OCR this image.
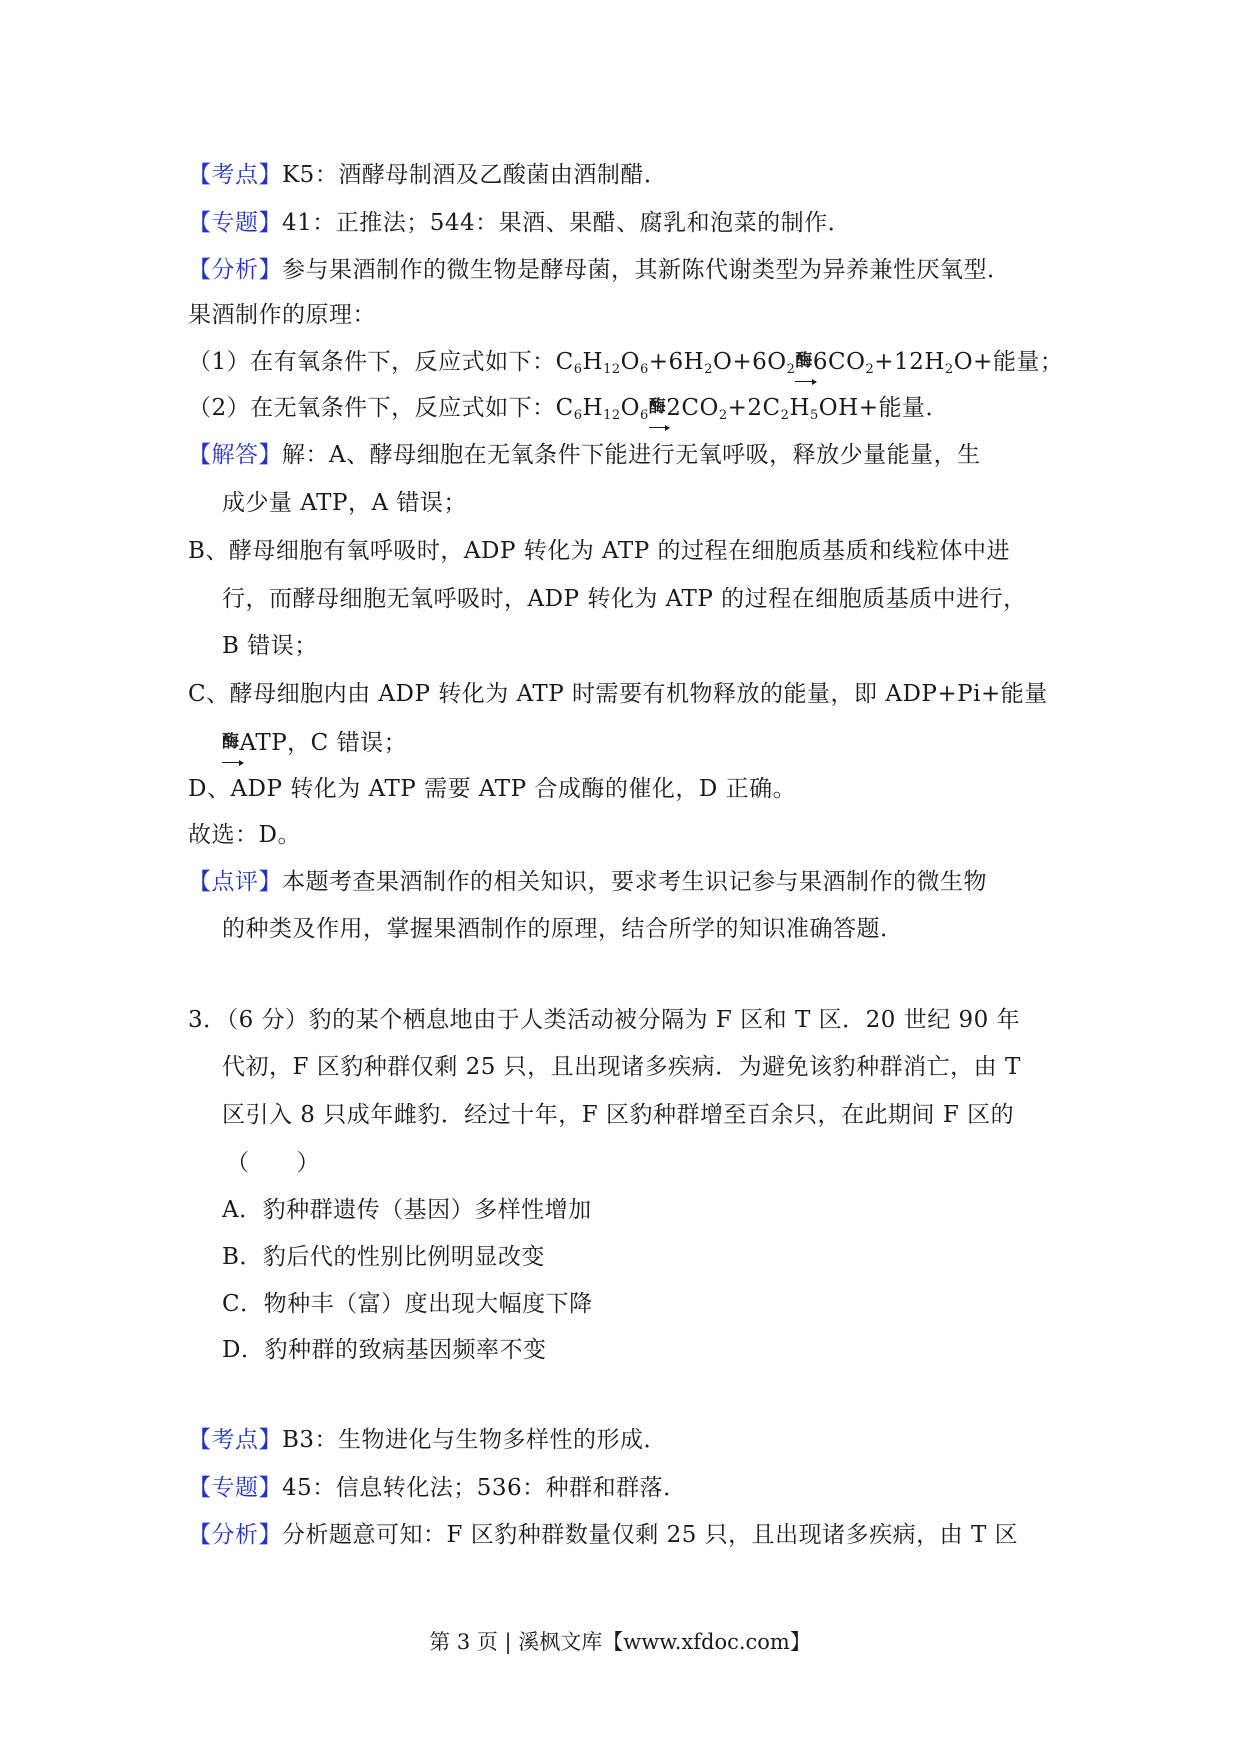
【考点】K5：酒酵母制酒及乙酸菌由酒制醋．
【专题】41：正推法；544：果酒、果醋、腐乳和泡菜的制作．
【分析】参与果酒制作的微生物是酵母菌，其新陈代谢类型为异养兼性厌氧型．
果酒制作的原理：
（1）在有氧条件下，反应式如下：$C_6H_{12}O_6+6H_2O+6O_2$酶$6CO_2+12H_2O+$能量；
（2）在无氧条件下，反应式如下：$C_6H_{12}O_6$酶$2CO_2+2C_2H_5OH+$能量．
【解答】解：A、酵母细胞在无氧条件下能进行无氧呼吸，释放少量能量，生
成少量 ATP，A 错误；
B、酵母细胞有氧呼吸时，ADP 转化为 ATP 的过程在细胞质基质和线粒体中进
行，而酵母细胞无氧呼吸时，ADP 转化为 ATP 的过程在细胞质基质中进行，
B 错误；
C、酵母细胞内由 ADP 转化为 ATP 时需要有机物释放的能量，即 ADP+Pi+能量
酶ATP，C 错误；
D、ADP 转化为 ATP 需要 ATP 合成酶的催化，D 正确。
故选：D。
【点评】本题考查果酒制作的相关知识，要求考生识记参与果酒制作的微生物
的种类及作用，掌握果酒制作的原理，结合所学的知识准确答题．
3．（6 分）豹的某个栖息地由于人类活动被分隔为 F 区和 T 区．20 世纪 90 年
代初，F 区豹种群仅剩 25 只，且出现诸多疾病．为避免该豹种群消亡，由 T
区引入 8 只成年雌豹．经过十年，F 区豹种群增至百余只，在此期间 F 区的
（　　）
A．豹种群遗传（基因）多样性增加
B．豹后代的性别比例明显改变
C．物种丰（富）度出现大幅度下降
D．豹种群的致病基因频率不变
【考点】B3：生物进化与生物多样性的形成．
【专题】45：信息转化法；536：种群和群落．
【分析】分析题意可知：F 区豹种群数量仅剩 25 只，且出现诸多疾病，由 T 区
第 3 页 | 溪枫文库【www.xfdoc.com】
